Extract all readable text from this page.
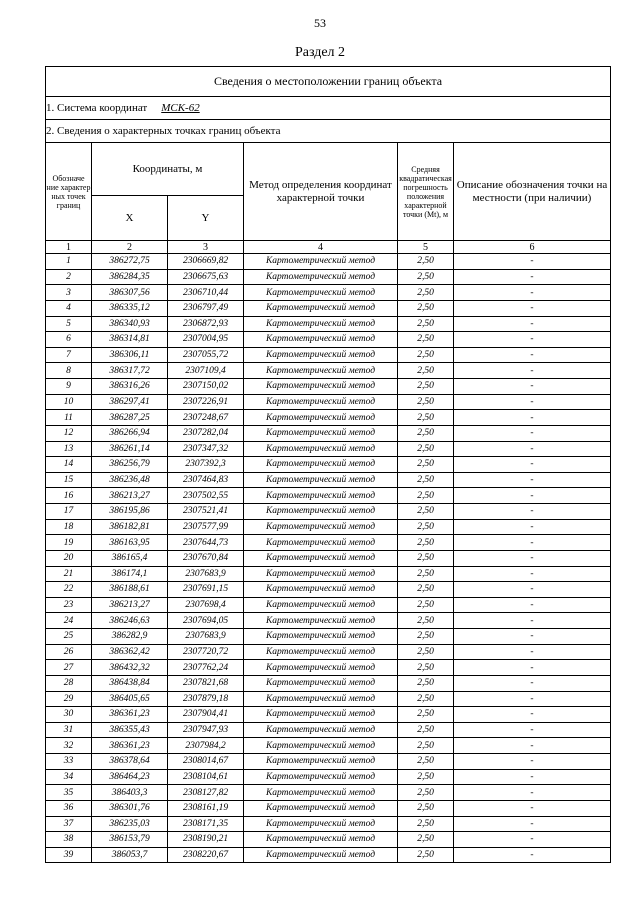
53
Раздел 2
Сведения о местоположении границ объекта					
1. Система координат МСК-62					
2. Сведения о характерных точках границ объекта					
Обозначе ние характер ных точек границ	Координаты, м		Метод определения координат характерной точки	Средняя квадратическая погрешность положения характерной точки (Мt), м	Описание обозначения точки на местности (при наличии)
	X	Y			
1	2	3	4	5	6
1	386272,75	2306669,82	Картометрический метод	2,50	-
2	386284,35	2306675,63	Картометрический метод	2,50	-
3	386307,56	2306710,44	Картометрический метод	2,50	-
4	386335,12	2306797,49	Картометрический метод	2,50	-
5	386340,93	2306872,93	Картометрический метод	2,50	-
6	386314,81	2307004,95	Картометрический метод	2,50	-
7	386306,11	2307055,72	Картометрический метод	2,50	-
8	386317,72	2307109,4	Картометрический метод	2,50	-
9	386316,26	2307150,02	Картометрический метод	2,50	-
10	386297,41	2307226,91	Картометрический метод	2,50	-
11	386287,25	2307248,67	Картометрический метод	2,50	-
12	386266,94	2307282,04	Картометрический метод	2,50	-
13	386261,14	2307347,32	Картометрический метод	2,50	-
14	386256,79	2307392,3	Картометрический метод	2,50	-
15	386236,48	2307464,83	Картометрический метод	2,50	-
16	386213,27	2307502,55	Картометрический метод	2,50	-
17	386195,86	2307521,41	Картометрический метод	2,50	-
18	386182,81	2307577,99	Картометрический метод	2,50	-
19	386163,95	2307644,73	Картометрический метод	2,50	-
20	386165,4	2307670,84	Картометрический метод	2,50	-
21	386174,1	2307683,9	Картометрический метод	2,50	-
22	386188,61	2307691,15	Картометрический метод	2,50	-
23	386213,27	2307698,4	Картометрический метод	2,50	-
24	386246,63	2307694,05	Картометрический метод	2,50	-
25	386282,9	2307683,9	Картометрический метод	2,50	-
26	386362,42	2307720,72	Картометрический метод	2,50	-
27	386432,32	2307762,24	Картометрический метод	2,50	-
28	386438,84	2307821,68	Картометрический метод	2,50	-
29	386405,65	2307879,18	Картометрический метод	2,50	-
30	386361,23	2307904,41	Картометрический метод	2,50	-
31	386355,43	2307947,93	Картометрический метод	2,50	-
32	386361,23	2307984,2	Картометрический метод	2,50	-
33	386378,64	2308014,67	Картометрический метод	2,50	-
34	386464,23	2308104,61	Картометрический метод	2,50	-
35	386403,3	2308127,82	Картометрический метод	2,50	-
36	386301,76	2308161,19	Картометрический метод	2,50	-
37	386235,03	2308171,35	Картометрический метод	2,50	-
38	386153,79	2308190,21	Картометрический метод	2,50	-
39	386053,7	2308220,67	Картометрический метод	2,50	-
